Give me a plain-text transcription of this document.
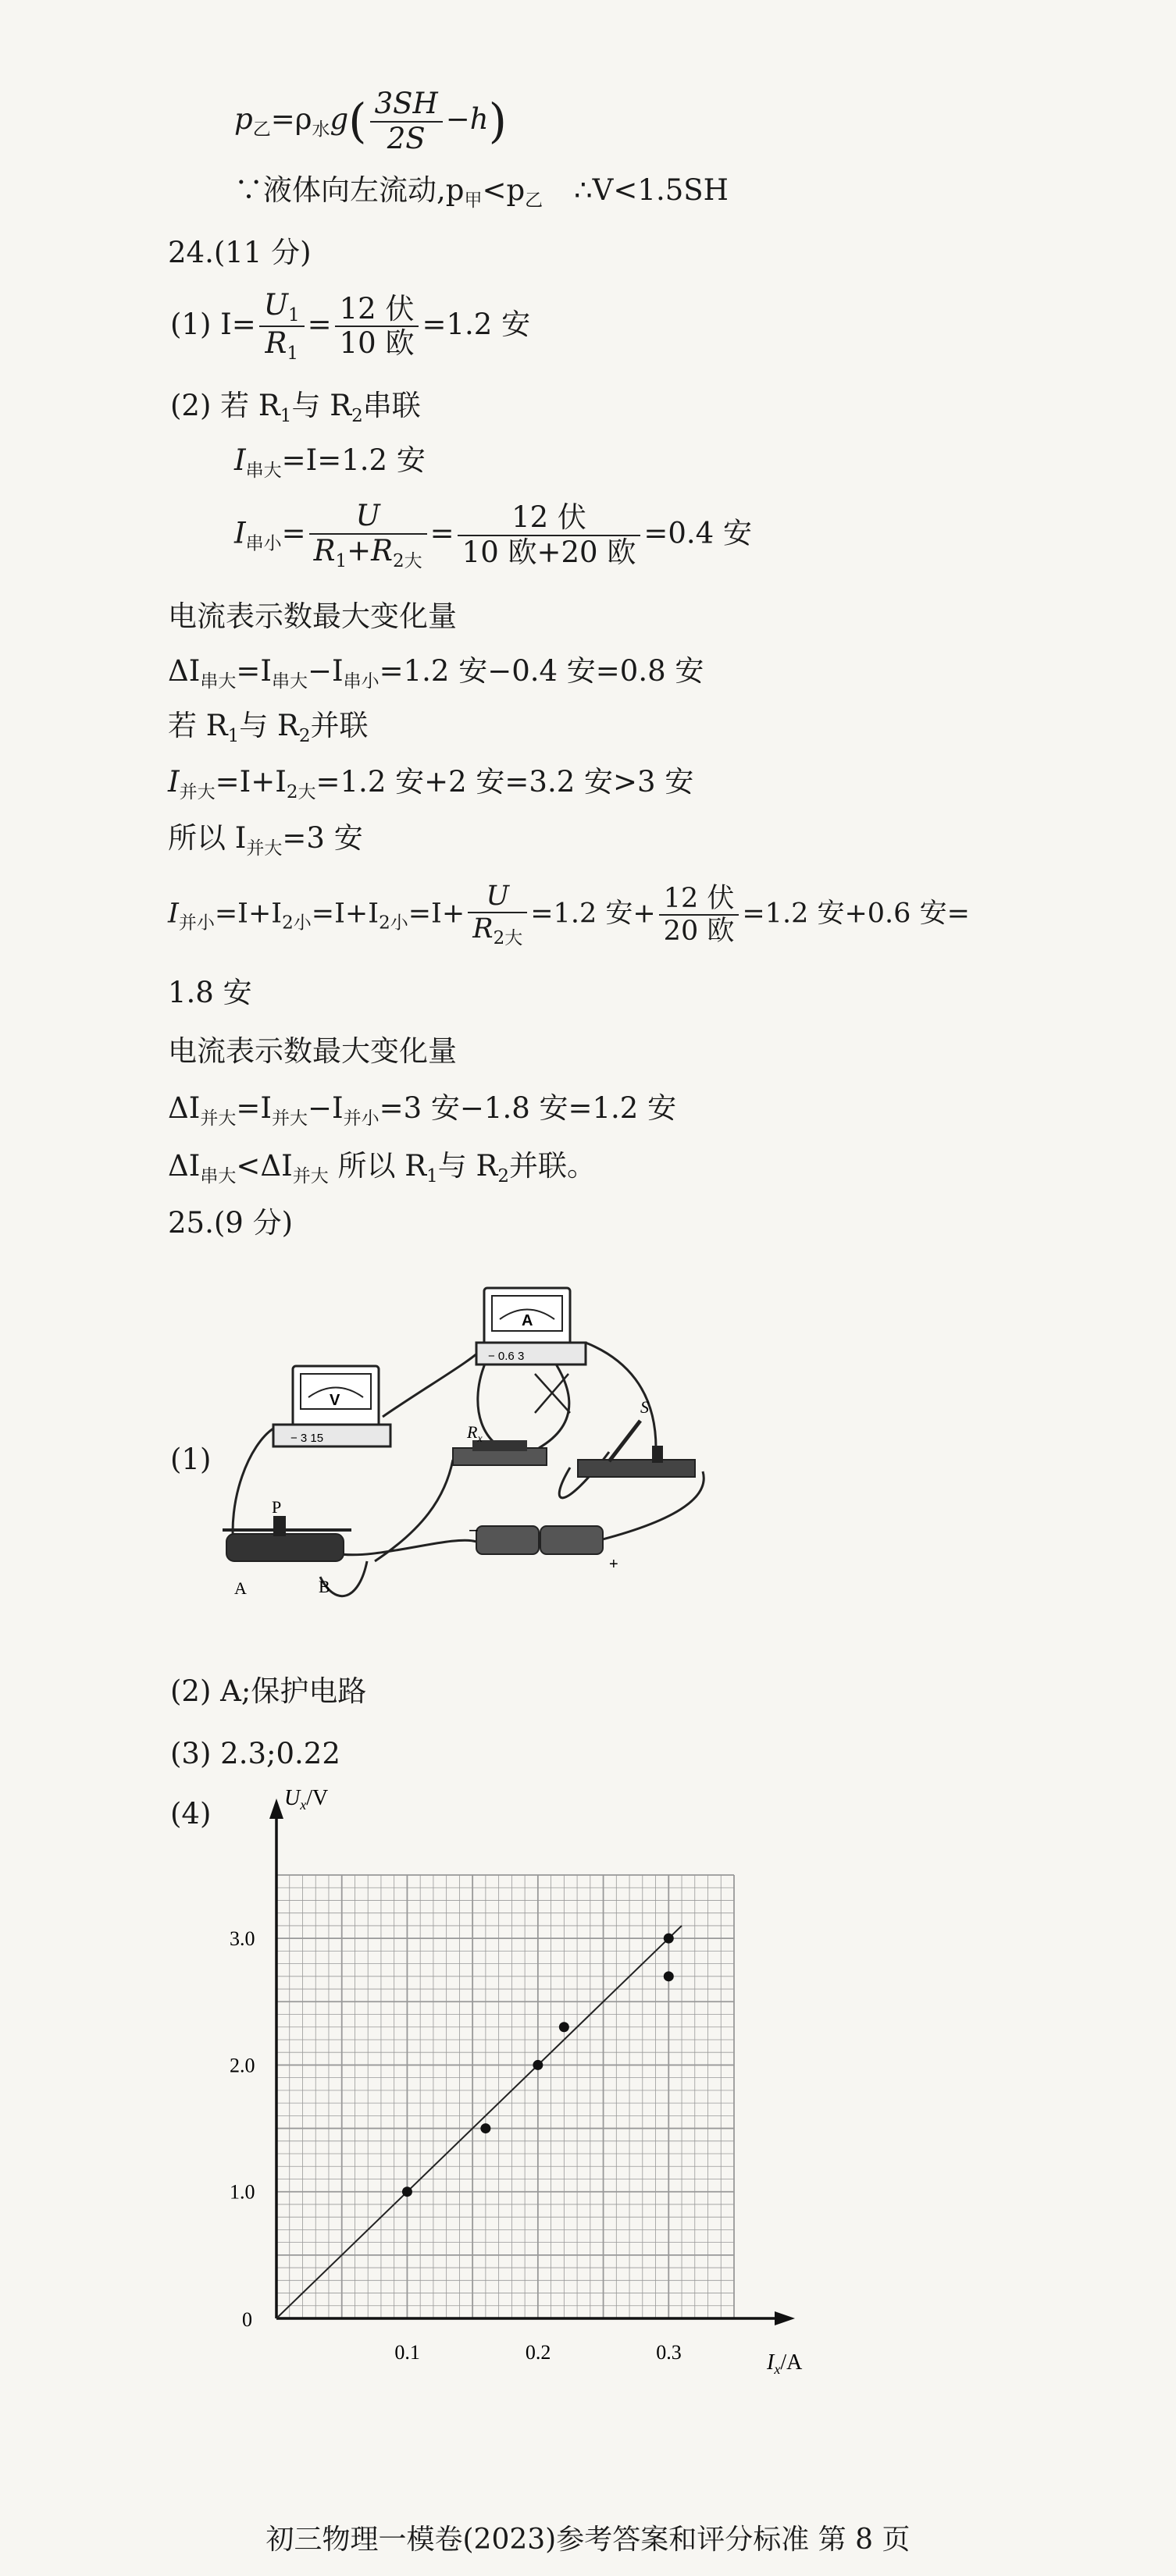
$p_乙=\rho_水g( \frac{3SH}{2S} -h)$
∵液体向左流动$,p_甲<p_乙$ ∴V<1.5SH
24.(11 分)
(1) $I= \frac{U_1}{R_1} = \frac{\text{12 伏}}{\text{10 欧}} =1.2$ 安
(2) 若 $R_1$与 $R_2$串联
$I_{串大}=I=1.2$ 安
$I_{串小}= \frac{U}{R_1+R_{2大}} = \frac{\text{12 伏}}{\text{10 欧+20 欧}} =0.4$ 安
电流表示数最大变化量
$\Delta I_{串大}=I_{串大}-I_{串小}=1.2$ 安−0.4 安=0.8 安
若 $R_1$与 $R_2$并联
$I_{并大}=I+I_{2大}=1.2$ 安+2 安=3.2 安>3 安
所以 $I_{并大}=3$ 安
$I_{并小}=I+I_{2小}=I+I_{2小}=I+ \frac{U}{R_{2大}} =1.2$ 安+ $\frac{\text{12 伏}}{\text{20 欧}} =1.2$ 安+0.6 安=
1.8 安
电流表示数最大变化量
$\Delta I_{并大}=I_{并大}-I_{并小}=3$ 安−1.8 安=1.2 安
$\Delta I_{串大}<\Delta I_{并大}$ 所以 $R_1$与 $R_2$并联。
25.(9 分)
(1)
(2) A;保护电路
(3) 2.3;0.22
(4)
V
− 3 15
A
− 0.6 3
$R_x$
S
P
A	B
−
+
0.1	0.2	0.3
1.0
2.0
3.0
$U_x/V$
$I_x/A$
0
初三物理一模卷(2023)参考答案和评分标准 第 8 页
